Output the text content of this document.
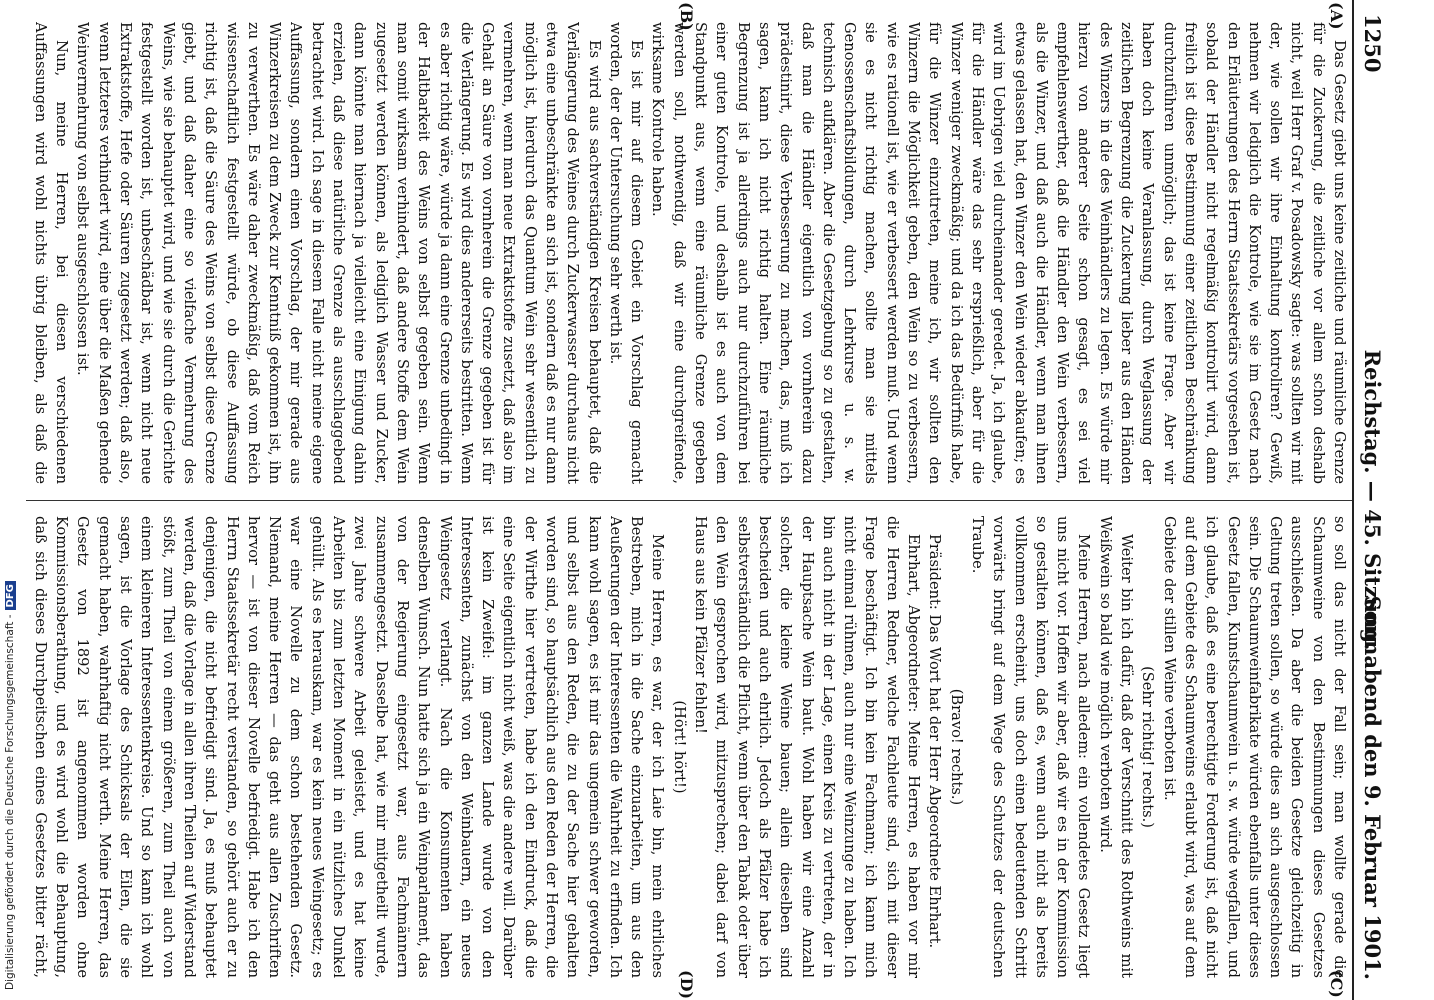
1250
Reichstag. — 45. Sitzung.
Sonnabend den 9. Februar 1901.
(A)
(B)
(C)
(D)

Das Gesetz giebt uns keine zeitliche und räumliche Grenze für die Zuckerung, die zeitliche vor allem schon deshalb nicht, weil Herr Graf v. Posadowsky sagte: was sollten wir mit der, wie sollen wir ihre Einhaltung kontroliren? Gewiß, nehmen wir lediglich die Kontrole, wie sie im Gesetz nach den Erläuterungen des Herrn Staatssekretärs vorgesehen ist, sobald der Händler nicht regelmäßig kontrolirt wird, dann freilich ist diese Bestimmung einer zeitlichen Beschränkung durchzuführen unmöglich; das ist keine Frage. Aber wir haben doch keine Veranlassung, durch Weglassung der zeitlichen Begrenzung die Zuckerung lieber aus den Händen des Winzers in die des Weinhändlers zu legen. Es würde mir hierzu von anderer Seite schon gesagt, es sei viel empfehlenswerther, daß die Händler den Wein verbessern, als die Winzer, und daß auch die Händler, wenn man ihnen etwas gelassen hat, den Winzer den Wein wieder abkaufen; es wird im Uebrigen viel durcheinander geredet. Ja, ich glaube, für die Händler wäre das sehr ersprießlich, aber für die Winzer weniger zweckmäßig; und da ich das Bedürfniß habe, für die Winzer einzutreten, meine ich, wir sollten den Winzern die Möglichkeit geben, den Wein so zu verbessern, wie es rationell ist, wie er verbessert werden muß. Und wenn sie es nicht richtig machen, sollte man sie mittels Genossenschaftsbildungen, durch Lehrkurse u. s. w. technisch aufklären. Aber die Gesetzgebung so zu gestalten, daß man die Händler eigentlich von vornherein dazu prädestinirt, diese Verbesserung zu machen, das, muß ich sagen, kann ich nicht richtig halten. Eine räumliche Begrenzung ist ja allerdings auch nur durchzuführen bei einer guten Kontrole, und deshalb ist es auch von dem Standpunkt aus, wenn eine räumliche Grenze gegeben werden soll, nothwendig, daß wir eine durchgreifende, wirksame Kontrole haben.

Es ist mir auf diesem Gebiet ein Vorschlag gemacht worden, der der Untersuchung sehr werth ist.

Es wird aus sachverständigen Kreisen behauptet, daß die Verlängerung des Weines durch Zuckerwasser durchaus nicht etwa eine unbeschränkte an sich ist, sondern daß es nur dann möglich ist, hierdurch das Quantum Wein sehr wesentlich zu vermehren, wenn man neue Extraktstoffe zusetzt, daß also im Gehalt an Säure von vornherein die Grenze gegeben ist für die Verlängerung. Es wird dies andererseits bestritten. Wenn es aber richtig wäre, würde ja dann eine Grenze unbedingt in der Haltbarkeit des Weins von selbst gegeben sein. Wenn man somit wirksam verhindert, daß andere Stoffe dem Wein zugesetzt werden können, als lediglich Wasser und Zucker, dann könnte man hiernach ja vielleicht eine Einigung dahin erzielen, daß diese natürliche Grenze als ausschlaggebend betrachtet wird. Ich sage in diesem Falle nicht meine eigene Auffassung, sondern einen Vorschlag, der mir gerade aus Winzerkreisen zu dem Zweck zur Kenntniß gekommen ist, ihn zu verwerthen. Es wäre daher zweckmäßig, daß vom Reich wissenschaftlich festgestellt würde, ob diese Auffassung richtig ist, daß die Säure des Weins von selbst diese Grenze giebt, und daß daher eine so vielfache Vermehrung des Weins, wie sie behauptet wird, und wie sie durch die Gerichte festgestellt worden ist, unbeschädbar ist, wenn nicht neue Extraktstoffe, Hefe oder Säuren zugesetzt werden; daß also, wenn letzteres verhindert wird, eine über die Maßen gehende Weinvermehrung von selbst ausgeschlossen ist.

Nun, meine Herren, bei diesen verschiedenen Auffassungen wird wohl nichts übrig bleiben, als daß die

so soll das nicht der Fall sein; man wollte gerade die Schaumweine von den Bestimmungen dieses Gesetzes ausschließen. Da aber die beiden Gesetze gleichzeitig in Geltung treten sollen, so würde dies an sich ausgeschlossen sein. Die Schaumweinfabrikate würden ebenfalls unter dieses Gesetz fallen, Kunstschaumwein u. s. w. würde wegfallen, und ich glaube, daß es eine berechtigte Forderung ist, daß nicht auf dem Gebiete des Schaumweins erlaubt wird, was auf dem Gebiete der stillen Weine verboten ist.

(Sehr richtig! rechts.)

Weiter bin ich dafür, daß der Verschnitt des Rothweins mit Weißwein so bald wie möglich verboten wird.

Meine Herren, nach alledem: ein vollendetes Gesetz liegt uns nicht vor. Hoffen wir aber, daß wir es in der Kommission so gestalten können, daß es, wenn auch nicht als bereits vollkommen erscheint, uns doch einen bedeutenden Schritt vorwärts bringt auf dem Wege des Schutzes der deutschen Traube.

(Bravo! rechts.)

Präsident: Das Wort hat der Herr Abgeordnete Ehrhart.

Ehrhart, Abgeordneter: Meine Herren, es haben vor mir die Herren Redner, welche Fachleute sind, sich mit dieser Frage beschäftigt. Ich bin kein Fachmann; ich kann mich nicht einmal rühmen, auch nur eine Weinzunge zu haben. Ich bin auch nicht in der Lage, einen Kreis zu vertreten, der in der Hauptsache Wein baut. Wohl haben wir eine Anzahl solcher, die kleine Weine bauen; allein dieselben sind bescheiden und auch ehrlich. Jedoch als Pfälzer habe ich selbstverständlich die Pflicht, wenn über den Tabak oder über den Wein gesprochen wird, mitzusprechen; dabei darf von Haus aus kein Pfälzer fehlen!

(Hört! hört!)

Meine Herren, es war, der ich Laie bin, mein ehrliches Bestreben, mich in die Sache einzuarbeiten, um aus den Aeußerungen der Interessenten die Wahrheit zu erfinden. Ich kann wohl sagen, es ist mir das ungemein schwer geworden, und selbst aus den Reden, die zu der Sache hier gehalten worden sind, so hauptsächlich aus den Reden der Herren, die der Wirthe hier vertreten, habe ich den Eindruck, daß die eine Seite eigentlich nicht weiß, was die andere will. Darüber ist kein Zweifel: im ganzen Lande wurde von den Interessenten, zunächst von den Weinbauern, ein neues Weingesetz verlangt. Nach die Konsumenten haben denselben Wunsch. Nun hatte sich ja ein Weinparlament, das von der Regierung eingesetzt war, aus Fachmännern zusammengesetzt. Dasselbe hat, wie mir mitgetheilt wurde, zwei Jahre schwere Arbeit geleistet, und es hat keine Arbeiten bis zum letzten Moment in ein nützliches Dunkel gehüllt. Als es herauskam, war es kein neues Weingesetz; es war eine Novelle zu dem schon bestehenden Gesetz. Niemand, meine Herren — das geht aus allen Zuschriften hervor — ist von dieser Novelle befriedigt. Habe ich den Herrn Staatssekretär recht verstanden, so gehört auch er zu denjenigen, die nicht befriedigt sind. Ja, es muß behauptet werden, daß die Vorlage in allen ihren Theilen auf Widerstand stößt, zum Theil von einem größeren, zum Theil auch von einem kleineren Interessentenkreise. Und so kann ich wohl sagen, ist die Vorlage des Schicksals der Eilen, die sie gemacht haben, wahrhaftig nicht werth. Meine Herren, das Gesetz von 1892 ist angenommen worden ohne Kommissionsberathung, und es wird wohl die Behauptung, daß sich dieses Durchpeitschen eines Gesetzes bitter rächt,

Digitalisierung gefördert durch die Deutsche Forschungsgemeinschaft -DFG
